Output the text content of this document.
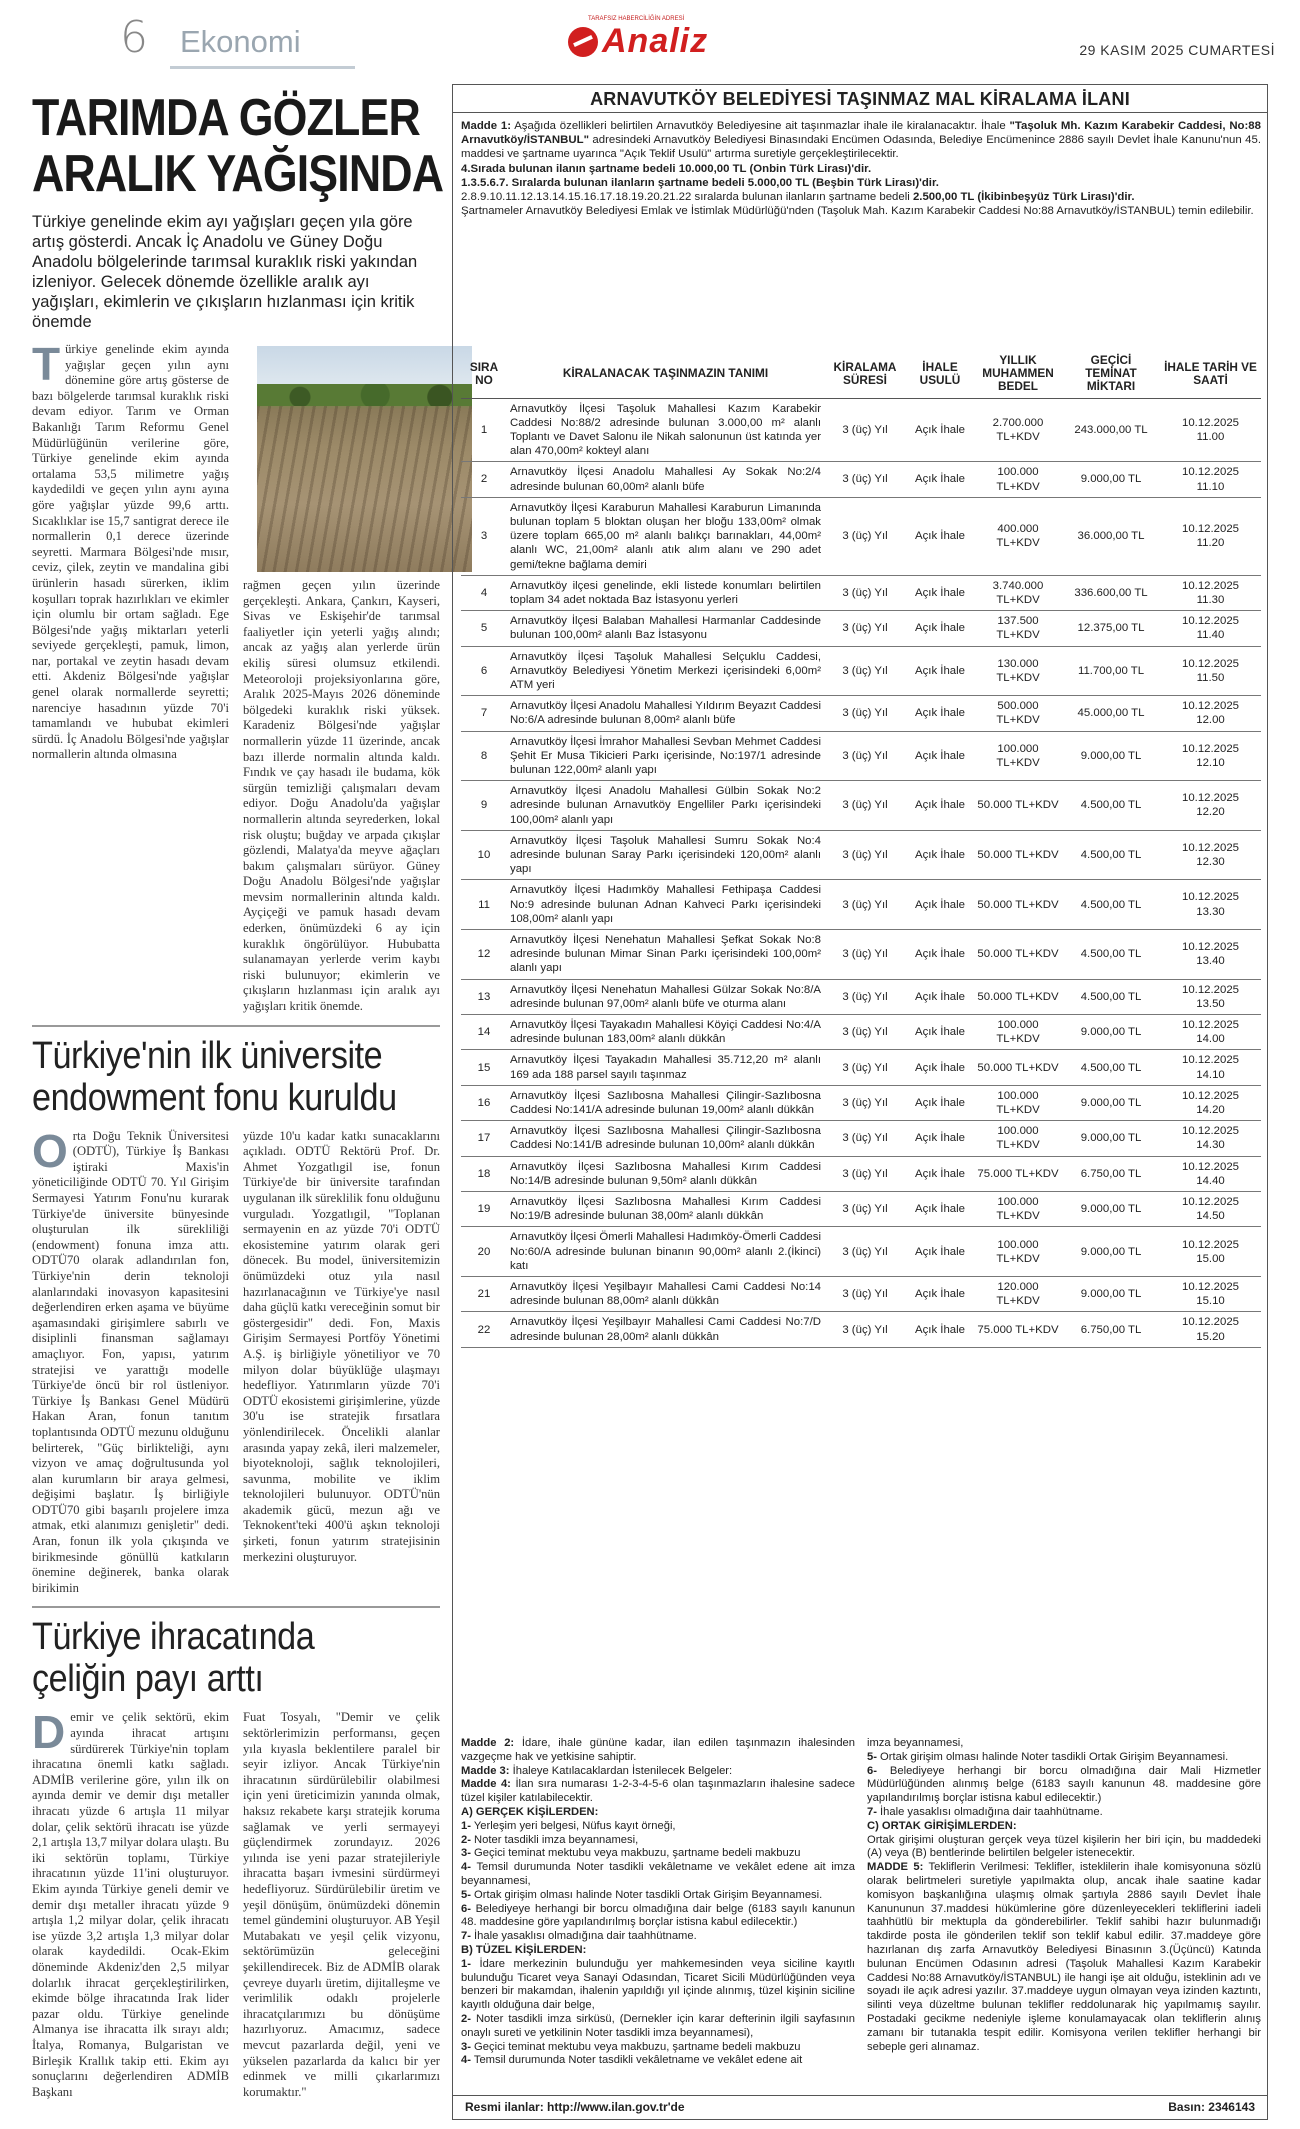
6 Ekonomi
TARAFSIZ HABERCİLİĞİN ADRESİ
Analiz	29 KASIM 2025 CUMARTESİ
TARIMDA GÖZLER
ARALIK YAĞIŞINDA
Türkiye genelinde ekim ayı yağışları geçen yıla göre artış gösterdi. Ancak İç Anadolu ve Güney Doğu Anadolu bölgelerinde tarımsal kuraklık riski yakından izleniyor. Gelecek dönemde özellikle aralık ayı yağışları, ekimlerin ve çıkışların hızlanması için kritik önemde
Türkiye genelinde ekim ayında yağışlar geçen yılın aynı dönemine göre artış gösterse de bazı bölgelerde tarımsal kuraklık riski devam ediyor. Tarım ve Orman Bakanlığı Tarım Reformu Genel Müdürlüğünün verilerine göre, Türkiye genelinde ekim ayında ortalama 53,5 milimetre yağış kaydedildi ve geçen yılın aynı ayına göre yağışlar yüzde 99,6 arttı. Sıcaklıklar ise 15,7 santigrat derece ile normallerin 0,1 derece üzerinde seyretti. Marmara Bölgesi'nde mısır, ceviz, çilek, zeytin ve mandalina gibi ürünlerin hasadı sürerken, iklim koşulları toprak hazırlıkları ve ekimler için olumlu bir ortam sağladı. Ege Bölgesi'nde yağış miktarları yeterli seviyede gerçekleşti, pamuk, limon, nar, portakal ve zeytin hasadı devam etti. Akdeniz Bölgesi'nde yağışlar genel olarak normallerde seyretti; narenciye hasadının yüzde 70'i tamamlandı ve hububat ekimleri sürdü. İç Anadolu Bölgesi'nde yağışlar normallerin altında olmasına
rağmen geçen yılın üzerinde gerçekleşti. Ankara, Çankırı, Kayseri, Sivas ve Eskişehir'de tarımsal faaliyetler için yeterli yağış alındı; ancak az yağış alan yerlerde ürün ekiliş süresi olumsuz etkilendi. Meteoroloji projeksiyonlarına göre, Aralık 2025-Mayıs 2026 döneminde bölgedeki kuraklık riski yüksek. Karadeniz Bölgesi'nde yağışlar normallerin yüzde 11 üzerinde, ancak bazı illerde normalin altında kaldı. Fındık ve çay hasadı ile budama, kök sürgün temizliği çalışmaları devam ediyor. Doğu Anadolu'da yağışlar normallerin altında seyrederken, lokal risk oluştu; buğday ve arpada çıkışlar gözlendi, Malatya'da meyve ağaçları bakım çalışmaları sürüyor. Güney Doğu Anadolu Bölgesi'nde yağışlar mevsim normallerinin altında kaldı. Ayçiçeği ve pamuk hasadı devam ederken, önümüzdeki 6 ay için kuraklık öngörülüyor. Hububatta sulanamayan yerlerde verim kaybı riski bulunuyor; ekimlerin ve çıkışların hızlanması için aralık ayı yağışları kritik önemde.
Türkiye'nin ilk üniversite
endowment fonu kuruldu
Orta Doğu Teknik Üniversitesi (ODTÜ), Türkiye İş Bankası iştiraki Maxis'in yöneticiliğinde ODTÜ 70. Yıl Girişim Sermayesi Yatırım Fonu'nu kurarak Türkiye'de üniversite bünyesinde oluşturulan ilk sürekliliği (endowment) fonuna imza attı. ODTÜ70 olarak adlandırılan fon, Türkiye'nin derin teknoloji alanlarındaki inovasyon kapasitesini değerlendiren erken aşama ve büyüme aşamasındaki girişimlere sabırlı ve disiplinli finansman sağlamayı amaçlıyor. Fon, yapısı, yatırım stratejisi ve yarattığı modelle Türkiye'de öncü bir rol üstleniyor. Türkiye İş Bankası Genel Müdürü Hakan Aran, fonun tanıtım toplantısında ODTÜ mezunu olduğunu belirterek, "Güç birlikteliği, aynı vizyon ve amaç doğrultusunda yol alan kurumların bir araya gelmesi, değişimi başlatır. İş birliğiyle ODTÜ70 gibi başarılı projelere imza atmak, etki alanımızı genişletir" dedi. Aran, fonun ilk yola çıkışında ve birikmesinde gönüllü katkıların önemine değinerek, banka olarak birikimin
yüzde 10'u kadar katkı sunacaklarını açıkladı. ODTÜ Rektörü Prof. Dr. Ahmet Yozgatlıgil ise, fonun Türkiye'de bir üniversite tarafından uygulanan ilk süreklilik fonu olduğunu vurguladı. Yozgatlıgil, "Toplanan sermayenin en az yüzde 70'i ODTÜ ekosistemine yatırım olarak geri dönecek. Bu model, üniversitemizin önümüzdeki otuz yıla nasıl hazırlanacağının ve Türkiye'ye nasıl daha güçlü katkı vereceğinin somut bir göstergesidir" dedi. Fon, Maxis Girişim Sermayesi Portföy Yönetimi A.Ş. iş birliğiyle yönetiliyor ve 70 milyon dolar büyüklüğe ulaşmayı hedefliyor. Yatırımların yüzde 70'i ODTÜ ekosistemi girişimlerine, yüzde 30'u ise stratejik fırsatlara yönlendirilecek. Öncelikli alanlar arasında yapay zekâ, ileri malzemeler, biyoteknoloji, sağlık teknolojileri, savunma, mobilite ve iklim teknolojileri bulunuyor. ODTÜ'nün akademik gücü, mezun ağı ve Teknokent'teki 400'ü aşkın teknoloji şirketi, fonun yatırım stratejisinin merkezini oluşturuyor.
Türkiye ihracatında
çeliğin payı arttı
Demir ve çelik sektörü, ekim ayında ihracat artışını sürdürerek Türkiye'nin toplam ihracatına önemli katkı sağladı. ADMİB verilerine göre, yılın ilk on ayında demir ve demir dışı metaller ihracatı yüzde 6 artışla 11 milyar dolar, çelik sektörü ihracatı ise yüzde 2,1 artışla 13,7 milyar dolara ulaştı. Bu iki sektörün toplamı, Türkiye ihracatının yüzde 11'ini oluşturuyor. Ekim ayında Türkiye geneli demir ve demir dışı metaller ihracatı yüzde 9 artışla 1,2 milyar dolar, çelik ihracatı ise yüzde 3,2 artışla 1,3 milyar dolar olarak kaydedildi. Ocak-Ekim döneminde Akdeniz'den 2,5 milyar dolarlık ihracat gerçekleştirilirken, ekimde bölge ihracatında Irak lider pazar oldu. Türkiye genelinde Almanya ise ihracatta ilk sırayı aldı; İtalya, Romanya, Bulgaristan ve Birleşik Krallık takip etti. Ekim ayı sonuçlarını değerlendiren ADMİB Başkanı
Fuat Tosyalı, "Demir ve çelik sektörlerimizin performansı, geçen yıla kıyasla beklentilere paralel bir seyir izliyor. Ancak Türkiye'nin ihracatının sürdürülebilir olabilmesi için yeni üreticimizin yanında olmak, haksız rekabete karşı stratejik koruma sağlamak ve yerli sermayeyi güçlendirmek zorundayız. 2026 yılında ise yeni pazar stratejileriyle ihracatta başarı ivmesini sürdürmeyi hedefliyoruz. Sürdürülebilir üretim ve yeşil dönüşüm, önümüzdeki dönemin temel gündemini oluşturuyor. AB Yeşil Mutabakatı ve yeşil çelik vizyonu, sektörümüzün geleceğini şekillendirecek. Biz de ADMİB olarak çevreye duyarlı üretim, dijitalleşme ve verimlilik odaklı projelerle ihracatçılarımızı bu dönüşüme hazırlıyoruz. Amacımız, sadece mevcut pazarlarda değil, yeni ve yükselen pazarlarda da kalıcı bir yer edinmek ve milli çıkarlarımızı korumaktır."
ARNAVUTKÖY BELEDİYESİ TAŞINMAZ MAL KİRALAMA İLANI
Madde 1: Aşağıda özellikleri belirtilen Arnavutköy Belediyesine ait taşınmazlar ihale ile kiralanacaktır. İhale "Taşoluk Mh. Kazım Karabekir Caddesi, No:88 Arnavutköy/İSTANBUL" adresindeki Arnavutköy Belediyesi Binasındaki Encümen Odasında, Belediye Encümenince 2886 sayılı Devlet İhale Kanunu'nun 45. maddesi ve şartname uyarınca "Açık Teklif Usulü" artırma suretiyle gerçekleştirilecektir.
4.Sırada bulunan ilanın şartname bedeli 10.000,00 TL (Onbin Türk Lirası)'dir.
1.3.5.6.7. Sıralarda bulunan ilanların şartname bedeli 5.000,00 TL (Beşbin Türk Lirası)'dir.
2.8.9.10.11.12.13.14.15.16.17.18.19.20.21.22 sıralarda bulunan ilanların şartname bedeli 2.500,00 TL (İkibinbeşyüz Türk Lirası)'dir.
Şartnameler Arnavutköy Belediyesi Emlak ve İstimlak Müdürlüğü'nden (Taşoluk Mah. Kazım Karabekir Caddesi No:88 Arnavutköy/İSTANBUL) temin edilebilir.
SIRA NO	KİRALANACAK TAŞINMAZIN TANIMI	KİRALAMA SÜRESİ	İHALE USULÜ	YILLIK MUHAMMEN BEDEL	GEÇİCİ TEMİNAT MİKTARI	İHALE TARİH VE SAATİ
1	Arnavutköy İlçesi Taşoluk Mahallesi Kazım Karabekir Caddesi No:88/2 adresinde bulunan 3.000,00 m² alanlı Toplantı ve Davet Salonu ile Nikah salonunun üst katında yer alan 470,00m² kokteyl alanı	3 (üç) Yıl	Açık İhale	2.700.000 TL+KDV	243.000,00 TL	10.12.2025
11.00

2	Arnavutköy İlçesi Anadolu Mahallesi Ay Sokak No:2/4 adresinde bulunan 60,00m² alanlı büfe	3 (üç) Yıl	Açık İhale	100.000 TL+KDV	9.000,00 TL	10.12.2025
11.10

3	Arnavutköy İlçesi Karaburun Mahallesi Karaburun Limanında bulunan toplam 5 bloktan oluşan her bloğu 133,00m² olmak üzere toplam 665,00 m² alanlı balıkçı barınakları, 44,00m² alanlı WC, 21,00m² alanlı atık alım alanı ve 290 adet gemi/tekne bağlama demiri	3 (üç) Yıl	Açık İhale	400.000 TL+KDV	36.000,00 TL	10.12.2025
11.20

4	Arnavutköy ilçesi genelinde, ekli listede konumları belirtilen toplam 34 adet noktada Baz İstasyonu yerleri	3 (üç) Yıl	Açık İhale	3.740.000 TL+KDV	336.600,00 TL	10.12.2025
11.30

5	Arnavutköy İlçesi Balaban Mahallesi Harmanlar Caddesinde bulunan 100,00m² alanlı Baz İstasyonu	3 (üç) Yıl	Açık İhale	137.500 TL+KDV	12.375,00 TL	10.12.2025
11.40

6	Arnavutköy İlçesi Taşoluk Mahallesi Selçuklu Caddesi, Arnavutköy Belediyesi Yönetim Merkezi içerisindeki 6,00m² ATM yeri	3 (üç) Yıl	Açık İhale	130.000 TL+KDV	11.700,00 TL	10.12.2025
11.50

7	Arnavutköy İlçesi Anadolu Mahallesi Yıldırım Beyazıt Caddesi No:6/A adresinde bulunan 8,00m² alanlı büfe	3 (üç) Yıl	Açık İhale	500.000 TL+KDV	45.000,00 TL	10.12.2025
12.00

8	Arnavutköy İlçesi İmrahor Mahallesi Sevban Mehmet Caddesi Şehit Er Musa Tikicieri Parkı içerisinde, No:197/1 adresinde bulunan 122,00m² alanlı yapı	3 (üç) Yıl	Açık İhale	100.000 TL+KDV	9.000,00 TL	10.12.2025
12.10

9	Arnavutköy İlçesi Anadolu Mahallesi Gülbin Sokak No:2 adresinde bulunan Arnavutköy Engelliler Parkı içerisindeki 100,00m² alanlı yapı	3 (üç) Yıl	Açık İhale	50.000 TL+KDV	4.500,00 TL	10.12.2025
12.20

10	Arnavutköy İlçesi Taşoluk Mahallesi Sumru Sokak No:4 adresinde bulunan Saray Parkı içerisindeki 120,00m² alanlı yapı	3 (üç) Yıl	Açık İhale	50.000 TL+KDV	4.500,00 TL	10.12.2025
12.30

11	Arnavutköy İlçesi Hadımköy Mahallesi Fethipaşa Caddesi No:9 adresinde bulunan Adnan Kahveci Parkı içerisindeki 108,00m² alanlı yapı	3 (üç) Yıl	Açık İhale	50.000 TL+KDV	4.500,00 TL	10.12.2025
13.30

12	Arnavutköy İlçesi Nenehatun Mahallesi Şefkat Sokak No:8 adresinde bulunan Mimar Sinan Parkı içerisindeki 100,00m² alanlı yapı	3 (üç) Yıl	Açık İhale	50.000 TL+KDV	4.500,00 TL	10.12.2025
13.40

13	Arnavutköy İlçesi Nenehatun Mahallesi Gülzar Sokak No:8/A adresinde bulunan 97,00m² alanlı büfe ve oturma alanı	3 (üç) Yıl	Açık İhale	50.000 TL+KDV	4.500,00 TL	10.12.2025
13.50

14	Arnavutköy İlçesi Tayakadın Mahallesi Köyiçi Caddesi No:4/A adresinde bulunan 183,00m² alanlı dükkân	3 (üç) Yıl	Açık İhale	100.000 TL+KDV	9.000,00 TL	10.12.2025
14.00

15	Arnavutköy İlçesi Tayakadın Mahallesi 35.712,20 m² alanlı 169 ada 188 parsel sayılı taşınmaz	3 (üç) Yıl	Açık İhale	50.000 TL+KDV	4.500,00 TL	10.12.2025
14.10

16	Arnavutköy İlçesi Sazlıbosna Mahallesi Çilingir-Sazlıbosna Caddesi No:141/A adresinde bulunan 19,00m² alanlı dükkân	3 (üç) Yıl	Açık İhale	100.000 TL+KDV	9.000,00 TL	10.12.2025
14.20

17	Arnavutköy İlçesi Sazlıbosna Mahallesi Çilingir-Sazlıbosna Caddesi No:141/B adresinde bulunan 10,00m² alanlı dükkân	3 (üç) Yıl	Açık İhale	100.000 TL+KDV	9.000,00 TL	10.12.2025
14.30

18	Arnavutköy İlçesi Sazlıbosna Mahallesi Kırım Caddesi No:14/B adresinde bulunan 9,50m² alanlı dükkân	3 (üç) Yıl	Açık İhale	75.000 TL+KDV	6.750,00 TL	10.12.2025
14.40

19	Arnavutköy İlçesi Sazlıbosna Mahallesi Kırım Caddesi No:19/B adresinde bulunan 38,00m² alanlı dükkân	3 (üç) Yıl	Açık İhale	100.000 TL+KDV	9.000,00 TL	10.12.2025
14.50

20	Arnavutköy İlçesi Ömerli Mahallesi Hadımköy-Ömerli Caddesi No:60/A adresinde bulunan binanın 90,00m² alanlı 2.(İkinci) katı	3 (üç) Yıl	Açık İhale	100.000 TL+KDV	9.000,00 TL	10.12.2025
15.00

21	Arnavutköy İlçesi Yeşilbayır Mahallesi Cami Caddesi No:14 adresinde bulunan 88,00m² alanlı dükkân	3 (üç) Yıl	Açık İhale	120.000 TL+KDV	9.000,00 TL	10.12.2025
15.10

22	Arnavutköy İlçesi Yeşilbayır Mahallesi Cami Caddesi No:7/D adresinde bulunan 28,00m² alanlı dükkân	3 (üç) Yıl	Açık İhale	75.000 TL+KDV	6.750,00 TL	10.12.2025
15.20
Madde 2: İdare, ihale gününe kadar, ilan edilen taşınmazın ihalesinden vazgeçme hak ve yetkisine sahiptir.
Madde 3: İhaleye Katılacaklardan İstenilecek Belgeler:
Madde 4: İlan sıra numarası 1-2-3-4-5-6 olan taşınmazların ihalesine sadece tüzel kişiler katılabilecektir.
A) GERÇEK KİŞİLERDEN:
1- Yerleşim yeri belgesi, Nüfus kayıt örneği,
2- Noter tasdikli imza beyannamesi,
3- Geçici teminat mektubu veya makbuzu, şartname bedeli makbuzu
4- Temsil durumunda Noter tasdikli vekâletname ve vekâlet edene ait imza beyannamesi,
5- Ortak girişim olması halinde Noter tasdikli Ortak Girişim Beyannamesi.
6- Belediyeye herhangi bir borcu olmadığına dair belge (6183 sayılı kanunun 48. maddesine göre yapılandırılmış borçlar istisna kabul edilecektir.)
7- İhale yasaklısı olmadığına dair taahhütname.
B) TÜZEL KİŞİLERDEN:
1- İdare merkezinin bulunduğu yer mahkemesinden veya siciline kayıtlı bulunduğu Ticaret veya Sanayi Odasından, Ticaret Sicili Müdürlüğünden veya benzeri bir makamdan, ihalenin yapıldığı yıl içinde alınmış, tüzel kişinin siciline kayıtlı olduğuna dair belge,
2- Noter tasdikli imza sirküsü, (Dernekler için karar defterinin ilgili sayfasının onaylı sureti ve yetkilinin Noter tasdikli imza beyannamesi),
3- Geçici teminat mektubu veya makbuzu, şartname bedeli makbuzu
4- Temsil durumunda Noter tasdikli vekâletname ve vekâlet edene ait
imza beyannamesi,
5- Ortak girişim olması halinde Noter tasdikli Ortak Girişim Beyannamesi.
6- Belediyeye herhangi bir borcu olmadığına dair Mali Hizmetler Müdürlüğünden alınmış belge (6183 sayılı kanunun 48. maddesine göre yapılandırılmış borçlar istisna kabul edilecektir.)
7- İhale yasaklısı olmadığına dair taahhütname.
C) ORTAK GİRİŞİMLERDEN:
Ortak girişimi oluşturan gerçek veya tüzel kişilerin her biri için, bu maddedeki (A) veya (B) bentlerinde belirtilen belgeler istenecektir.
MADDE 5: Tekliflerin Verilmesi: Teklifler, isteklilerin ihale komisyonuna sözlü olarak belirtmeleri suretiyle yapılmakta olup, ancak ihale saatine kadar komisyon başkanlığına ulaşmış olmak şartıyla 2886 sayılı Devlet İhale Kanununun 37.maddesi hükümlerine göre düzenleyecekleri tekliflerini iadeli taahhütlü bir mektupla da gönderebilirler. Teklif sahibi hazır bulunmadığı takdirde posta ile gönderilen teklif son teklif kabul edilir. 37.maddeye göre hazırlanan dış zarfa Arnavutköy Belediyesi Binasının 3.(Üçüncü) Katında bulunan Encümen Odasının adresi (Taşoluk Mahallesi Kazım Karabekir Caddesi No:88 Arnavutköy/İSTANBUL) ile hangi işe ait olduğu, isteklinin adı ve soyadı ile açık adresi yazılır. 37.maddeye uygun olmayan veya izinden kaztıntı, silinti veya düzeltme bulunan teklifler reddolunarak hiç yapılmamış sayılır. Postadaki gecikme nedeniyle işleme konulamayacak olan tekliflerin alınış zamanı bir tutanakla tespit edilir. Komisyona verilen teklifler herhangi bir sebeple geri alınamaz.
Resmi ilanlar: http://www.ilan.gov.tr'de	Basın: 2346143
